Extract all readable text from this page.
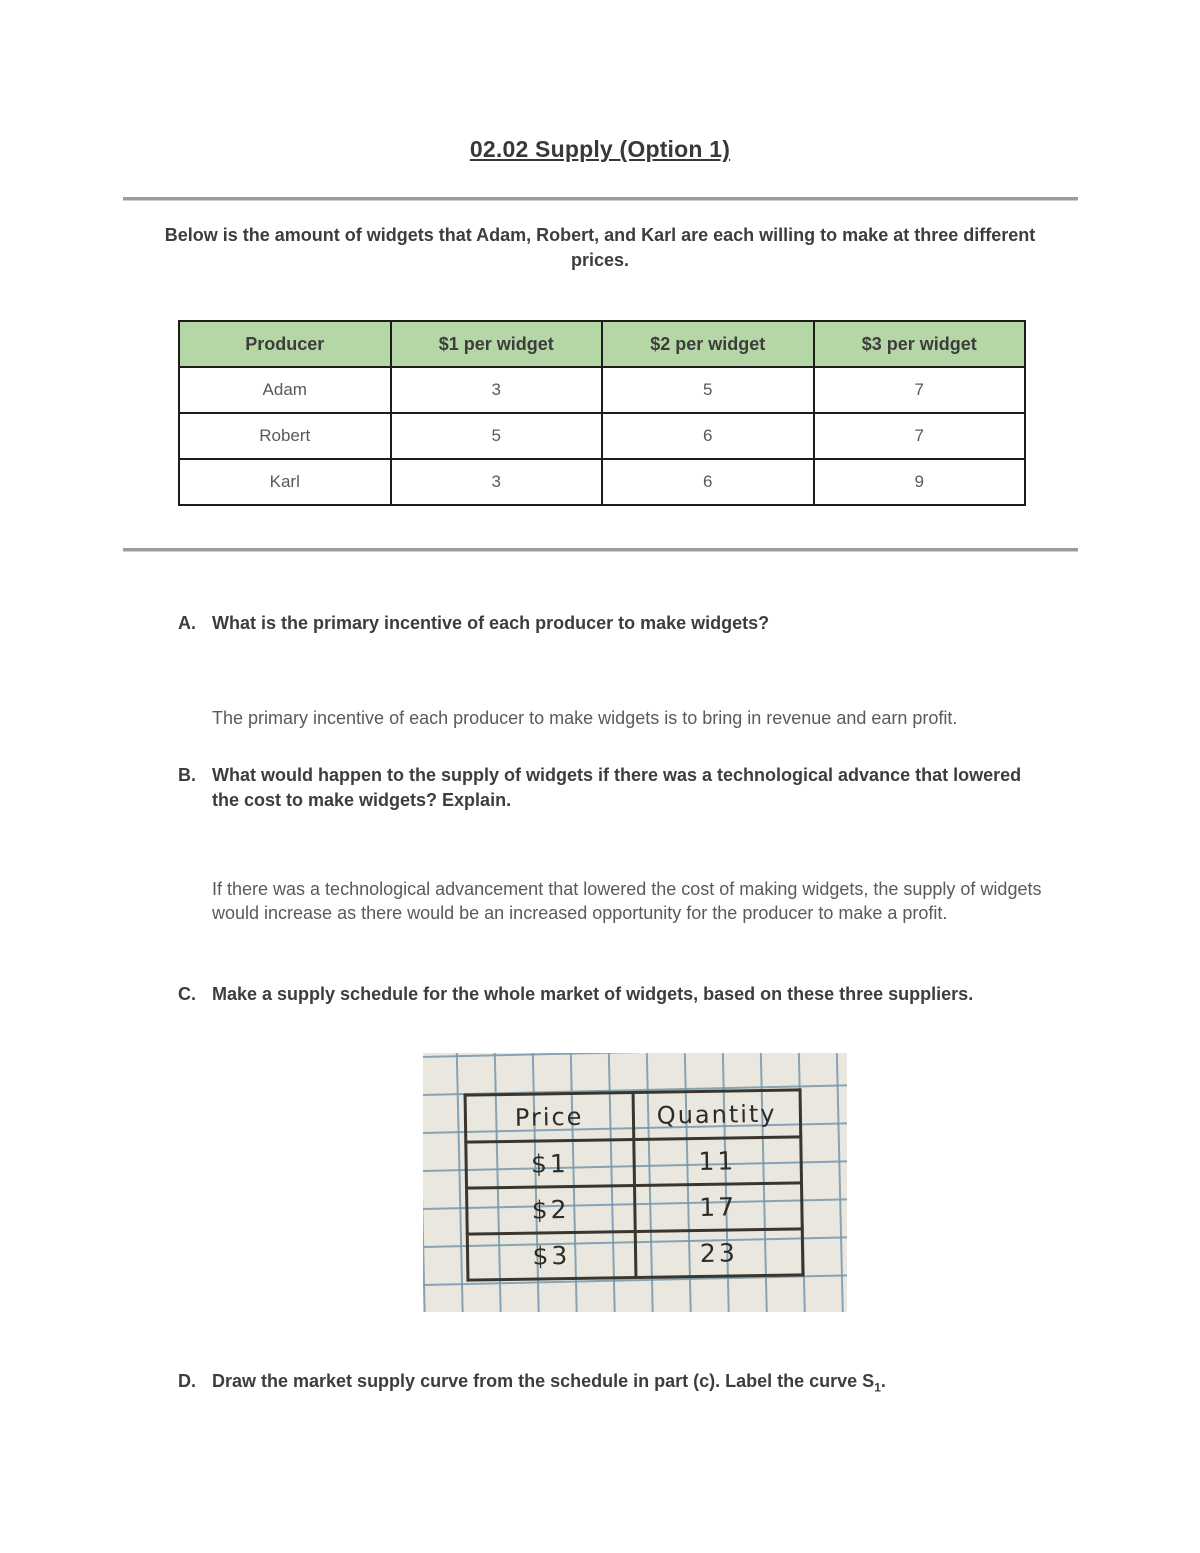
02.02 Supply (Option 1)

Below is the amount of widgets that Adam, Robert, and Karl are each willing to make at three different prices.

Producer	$1 per widget	$2 per widget	$3 per widget
Adam	3	5	7
Robert	5	6	7
Karl	3	6	9
A. What is the primary incentive of each producer to make widgets?

The primary incentive of each producer to make widgets is to bring in revenue and earn profit.

B. What would happen to the supply of widgets if there was a technological advance that lowered the cost to make widgets? Explain.

If there was a technological advancement that lowered the cost of making widgets, the supply of widgets would increase as there would be an increased opportunity for the producer to make a profit.

C. Make a supply schedule for the whole market of widgets, based on these three suppliers.
Price	Quantity
$1	11
$2	17
$3	23
D. Draw the market supply curve from the schedule in part (c). Label the curve $S_1$.
